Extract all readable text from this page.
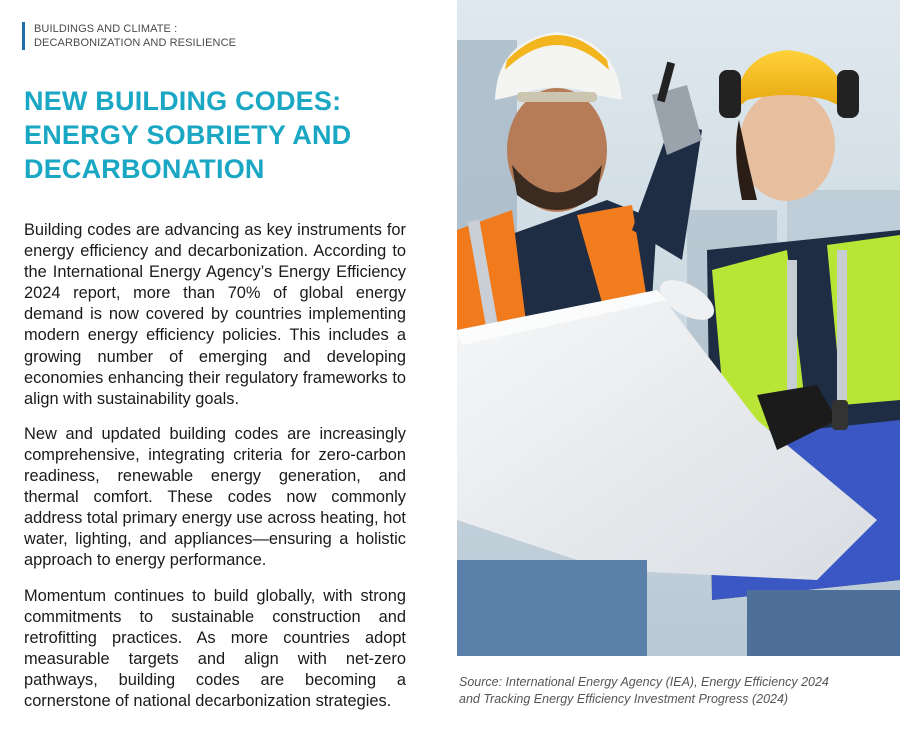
BUILDINGS AND CLIMATE :
DECARBONIZATION AND RESILIENCE
NEW BUILDING CODES:
ENERGY SOBRIETY AND
DECARBONATION

Building codes are advancing as key instruments for energy efficiency and decarbonization. According to the International Energy Agency’s Energy Efficiency 2024 report, more than 70% of global energy demand is now covered by countries implementing modern energy efficiency policies. This includes a growing number of emerging and developing economies enhancing their regulatory frameworks to align with sustainability goals.

New and updated building codes are increasingly comprehensive, integrating criteria for zero-carbon readiness, renewable energy generation, and thermal comfort. These codes now commonly address total primary energy use across heating, hot water, lighting, and appliances—ensuring a holistic approach to energy performance.

Momentum continues to build globally, with strong commitments to sustainable construction and retrofitting practices. As more countries adopt measurable targets and align with net-zero pathways, building codes are becoming a cornerstone of national decarbonization strategies.

Source: International Energy Agency (IEA), Energy Efficiency 2024
and Tracking Energy Efficiency Investment Progress (2024)
